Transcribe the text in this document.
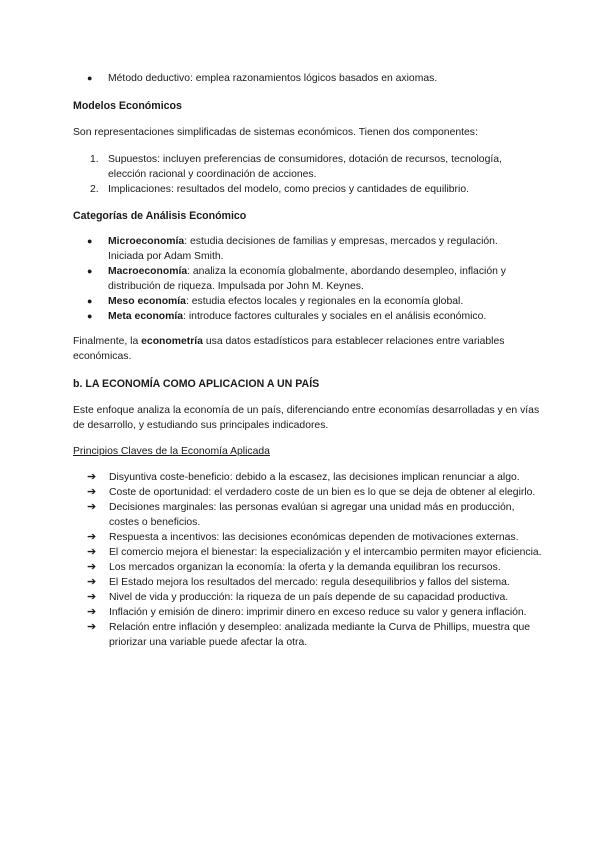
● Método deductivo: emplea razonamientos lógicos basados en axiomas.
Modelos Económicos
Son representaciones simplificadas de sistemas económicos. Tienen dos componentes:
1. Supuestos: incluyen preferencias de consumidores, dotación de recursos, tecnología, elección racional y coordinación de acciones.
2. Implicaciones: resultados del modelo, como precios y cantidades de equilibrio.
Categorías de Análisis Económico
● Microeconomía: estudia decisiones de familias y empresas, mercados y regulación. Iniciada por Adam Smith.
● Macroeconomía: analiza la economía globalmente, abordando desempleo, inflación y distribución de riqueza. Impulsada por John M. Keynes.
● Meso economía: estudia efectos locales y regionales en la economía global.
● Meta economía: introduce factores culturales y sociales en el análisis económico.
Finalmente, la econometría usa datos estadísticos para establecer relaciones entre variables económicas.
b. LA ECONOMÍA COMO APLICACION A UN PAÍS
Este enfoque analiza la economía de un país, diferenciando entre economías desarrolladas y en vías de desarrollo, y estudiando sus principales indicadores.
Principios Claves de la Economía Aplicada
➔ Disyuntiva coste-beneficio: debido a la escasez, las decisiones implican renunciar a algo.
➔ Coste de oportunidad: el verdadero coste de un bien es lo que se deja de obtener al elegirlo.
➔ Decisiones marginales: las personas evalúan si agregar una unidad más en producción, costes o beneficios.
➔ Respuesta a incentivos: las decisiones económicas dependen de motivaciones externas.
➔ El comercio mejora el bienestar: la especialización y el intercambio permiten mayor eficiencia.
➔ Los mercados organizan la economía: la oferta y la demanda equilibran los recursos.
➔ El Estado mejora los resultados del mercado: regula desequilibrios y fallos del sistema.
➔ Nivel de vida y producción: la riqueza de un país depende de su capacidad productiva.
➔ Inflación y emisión de dinero: imprimir dinero en exceso reduce su valor y genera inflación.
➔ Relación entre inflación y desempleo: analizada mediante la Curva de Phillips, muestra que priorizar una variable puede afectar la otra.
